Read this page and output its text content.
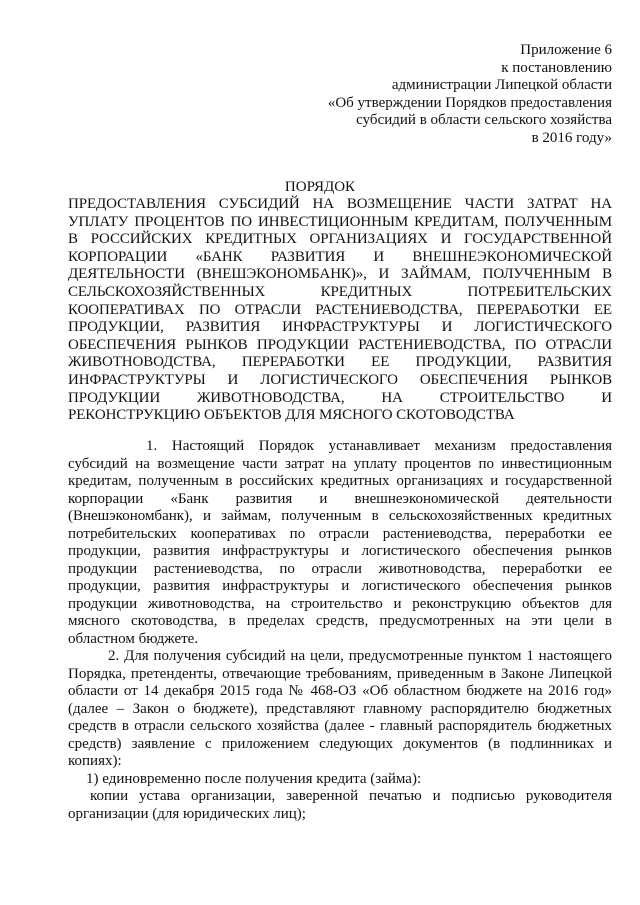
Приложение 6
к постановлению
администрации Липецкой области
«Об утверждении Порядков предоставления
субсидий в области сельского хозяйства
в 2016 году»
ПОРЯДОК
ПРЕДОСТАВЛЕНИЯ СУБСИДИЙ НА ВОЗМЕЩЕНИЕ ЧАСТИ ЗАТРАТ НА
УПЛАТУ ПРОЦЕНТОВ ПО ИНВЕСТИЦИОННЫМ КРЕДИТАМ, ПОЛУЧЕННЫМ
В РОССИЙСКИХ КРЕДИТНЫХ ОРГАНИЗАЦИЯХ И ГОСУДАРСТВЕННОЙ
КОРПОРАЦИИ «БАНК РАЗВИТИЯ И ВНЕШНЕЭКОНОМИЧЕСКОЙ
ДЕЯТЕЛЬНОСТИ (ВНЕШЭКОНОМБАНК)», И ЗАЙМАМ, ПОЛУЧЕННЫМ В
СЕЛЬСКОХОЗЯЙСТВЕННЫХ КРЕДИТНЫХ ПОТРЕБИТЕЛЬСКИХ
КООПЕРАТИВАХ ПО ОТРАСЛИ РАСТЕНИЕВОДСТВА, ПЕРЕРАБОТКИ ЕЕ
ПРОДУКЦИИ, РАЗВИТИЯ ИНФРАСТРУКТУРЫ И ЛОГИСТИЧЕСКОГО
ОБЕСПЕЧЕНИЯ РЫНКОВ ПРОДУКЦИИ РАСТЕНИЕВОДСТВА, ПО ОТРАСЛИ
ЖИВОТНОВОДСТВА, ПЕРЕРАБОТКИ ЕЕ ПРОДУКЦИИ, РАЗВИТИЯ
ИНФРАСТРУКТУРЫ И ЛОГИСТИЧЕСКОГО ОБЕСПЕЧЕНИЯ РЫНКОВ
ПРОДУКЦИИ ЖИВОТНОВОДСТВА, НА СТРОИТЕЛЬСТВО И
РЕКОНСТРУКЦИЮ ОБЪЕКТОВ ДЛЯ МЯСНОГО СКОТОВОДСТВА
1. Настоящий Порядок устанавливает механизм предоставления
субсидий на возмещение части затрат на уплату процентов по инвестиционным
кредитам, полученным в российских кредитных организациях и государственной
корпорации «Банк развития и внешнеэкономической деятельности
(Внешэкономбанк), и займам, полученным в сельскохозяйственных кредитных
потребительских кооперативах по отрасли растениеводства, переработки ее
продукции, развития инфраструктуры и логистического обеспечения рынков
продукции растениеводства, по отрасли животноводства, переработки ее
продукции, развития инфраструктуры и логистического обеспечения рынков
продукции животноводства, на строительство и реконструкцию объектов для
мясного скотоводства, в пределах средств, предусмотренных на эти цели в
областном бюджете.
2. Для получения субсидий на цели, предусмотренные пунктом 1 настоящего
Порядка, претенденты, отвечающие требованиям, приведенным в Законе Липецкой
области от 14 декабря 2015 года № 468-ОЗ «Об областном бюджете на 2016 год»
(далее – Закон о бюджете), представляют главному распорядителю бюджетных
средств в отрасли сельского хозяйства (далее - главный распорядитель бюджетных
средств) заявление с приложением следующих документов (в подлинниках и
копиях):
1) единовременно после получения кредита (займа):
копии устава организации, заверенной печатью и подписью руководителя
организации (для юридических лиц);
